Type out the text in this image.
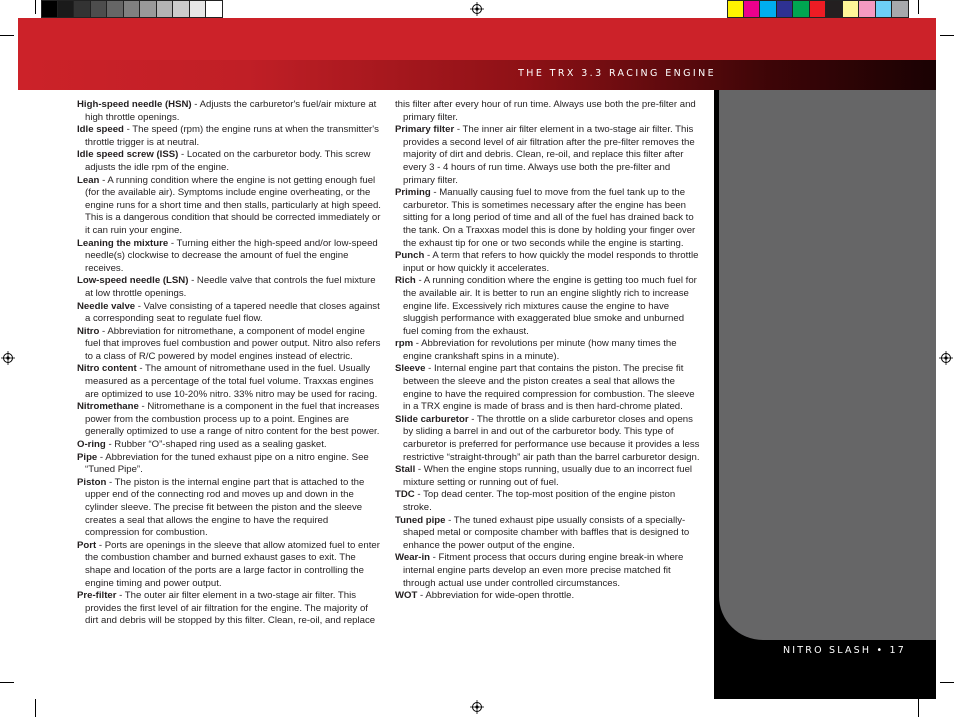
THE TRX 3.3 RACING ENGINE
NITRO SLASH • 17

High-speed needle (HSN) - Adjusts the carburetor's fuel/air mixture at high throttle openings.

Idle speed - The speed (rpm) the engine runs at when the transmitter's throttle trigger is at neutral.

Idle speed screw (ISS) - Located on the carburetor body. This screw adjusts the idle rpm of the engine.

Lean - A running condition where the engine is not getting enough fuel (for the available air). Symptoms include engine overheating, or the engine runs for a short time and then stalls, particularly at high speed. This is a dangerous condition that should be corrected immediately or it can ruin your engine.

Leaning the mixture - Turning either the high-speed and/or low-speed needle(s) clockwise to decrease the amount of fuel the engine receives.

Low-speed needle (LSN) - Needle valve that controls the fuel mixture at low throttle openings.

Needle valve - Valve consisting of a tapered needle that closes against a corresponding seat to regulate fuel flow.

Nitro - Abbreviation for nitromethane, a component of model engine fuel that improves fuel combustion and power output. Nitro also refers to a class of R/C powered by model engines instead of electric.

Nitro content - The amount of nitromethane used in the fuel. Usually measured as a percentage of the total fuel volume. Traxxas engines are optimized to use 10-20% nitro. 33% nitro may be used for racing.

Nitromethane - Nitromethane is a component in the fuel that increases power from the combustion process up to a point. Engines are generally optimized to use a range of nitro content for the best power.

O-ring - Rubber “O”-shaped ring used as a sealing gasket.

Pipe - Abbreviation for the tuned exhaust pipe on a nitro engine. See “Tuned Pipe”.

Piston - The piston is the internal engine part that is attached to the upper end of the connecting rod and moves up and down in the cylinder sleeve. The precise fit between the piston and the sleeve creates a seal that allows the engine to have the required compression for combustion.

Port - Ports are openings in the sleeve that allow atomized fuel to enter the combustion chamber and burned exhaust gases to exit. The shape and location of the ports are a large factor in controlling the engine timing and power output.

Pre-filter - The outer air filter element in a two-stage air filter. This provides the first level of air filtration for the engine. The majority of dirt and debris will be stopped by this filter. Clean, re-oil, and replace

this filter after every hour of run time. Always use both the pre-filter and primary filter.

Primary filter - The inner air filter element in a two-stage air filter. This provides a second level of air filtration after the pre-filter removes the majority of dirt and debris. Clean, re-oil, and replace this filter after every 3 - 4 hours of run time. Always use both the pre-filter and primary filter.

Priming - Manually causing fuel to move from the fuel tank up to the carburetor. This is sometimes necessary after the engine has been sitting for a long period of time and all of the fuel has drained back to the tank. On a Traxxas model this is done by holding your finger over the exhaust tip for one or two seconds while the engine is starting.

Punch - A term that refers to how quickly the model responds to throttle input or how quickly it accelerates.

Rich - A running condition where the engine is getting too much fuel for the available air. It is better to run an engine slightly rich to increase engine life. Excessively rich mixtures cause the engine to have sluggish performance with exaggerated blue smoke and unburned fuel coming from the exhaust.

rpm - Abbreviation for revolutions per minute (how many times the engine crankshaft spins in a minute).

Sleeve - Internal engine part that contains the piston. The precise fit between the sleeve and the piston creates a seal that allows the engine to have the required compression for combustion. The sleeve in a TRX engine is made of brass and is then hard-chrome plated.

Slide carburetor - The throttle on a slide carburetor closes and opens by sliding a barrel in and out of the carburetor body. This type of carburetor is preferred for performance use because it provides a less restrictive “straight-through” air path than the barrel carburetor design.

Stall - When the engine stops running, usually due to an incorrect fuel mixture setting or running out of fuel.

TDC - Top dead center. The top-most position of the engine piston stroke.

Tuned pipe - The tuned exhaust pipe usually consists of a specially-shaped metal or composite chamber with baffles that is designed to enhance the power output of the engine.

Wear-in - Fitment process that occurs during engine break-in where internal engine parts develop an even more precise matched fit through actual use under controlled circumstances.

WOT - Abbreviation for wide-open throttle.
